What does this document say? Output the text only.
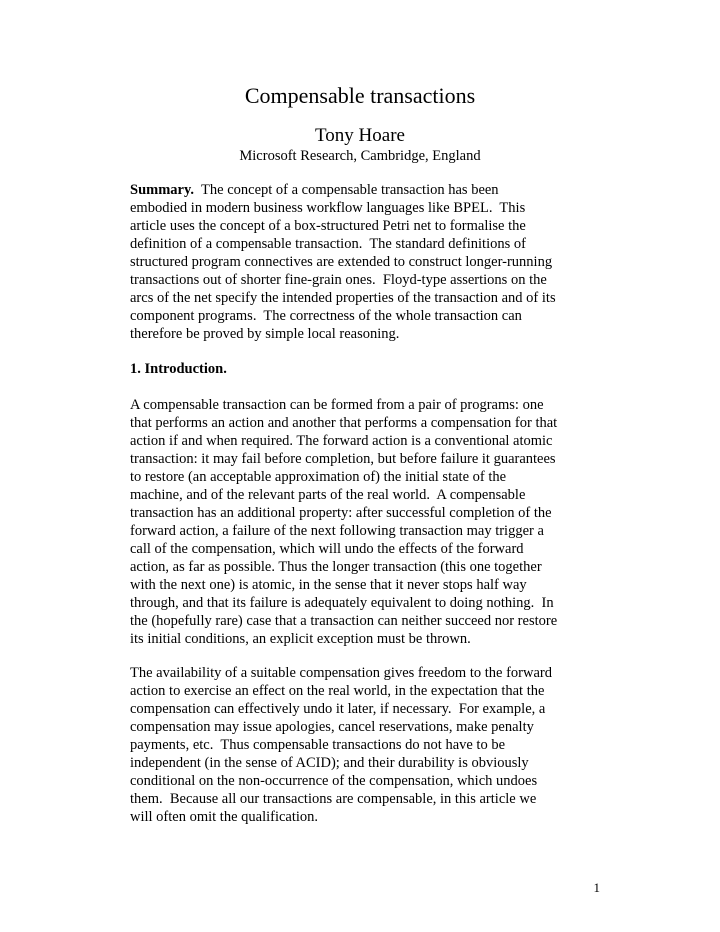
Compensable transactions
Tony Hoare
Microsoft Research, Cambridge, England
Summary.  The concept of a compensable transaction has been
embodied in modern business workflow languages like BPEL.  This
article uses the concept of a box-structured Petri net to formalise the
definition of a compensable transaction.  The standard definitions of
structured program connectives are extended to construct longer-running
transactions out of shorter fine-grain ones.  Floyd-type assertions on the
arcs of the net specify the intended properties of the transaction and of its
component programs.  The correctness of the whole transaction can
therefore be proved by simple local reasoning.
1. Introduction.
A compensable transaction can be formed from a pair of programs: one
that performs an action and another that performs a compensation for that
action if and when required. The forward action is a conventional atomic
transaction: it may fail before completion, but before failure it guarantees
to restore (an acceptable approximation of) the initial state of the
machine, and of the relevant parts of the real world.  A compensable
transaction has an additional property: after successful completion of the
forward action, a failure of the next following transaction may trigger a
call of the compensation, which will undo the effects of the forward
action, as far as possible. Thus the longer transaction (this one together
with the next one) is atomic, in the sense that it never stops half way
through, and that its failure is adequately equivalent to doing nothing.  In
the (hopefully rare) case that a transaction can neither succeed nor restore
its initial conditions, an explicit exception must be thrown.
The availability of a suitable compensation gives freedom to the forward
action to exercise an effect on the real world, in the expectation that the
compensation can effectively undo it later, if necessary.  For example, a
compensation may issue apologies, cancel reservations, make penalty
payments, etc.  Thus compensable transactions do not have to be
independent (in the sense of ACID); and their durability is obviously
conditional on the non-occurrence of the compensation, which undoes
them.  Because all our transactions are compensable, in this article we
will often omit the qualification.
1
